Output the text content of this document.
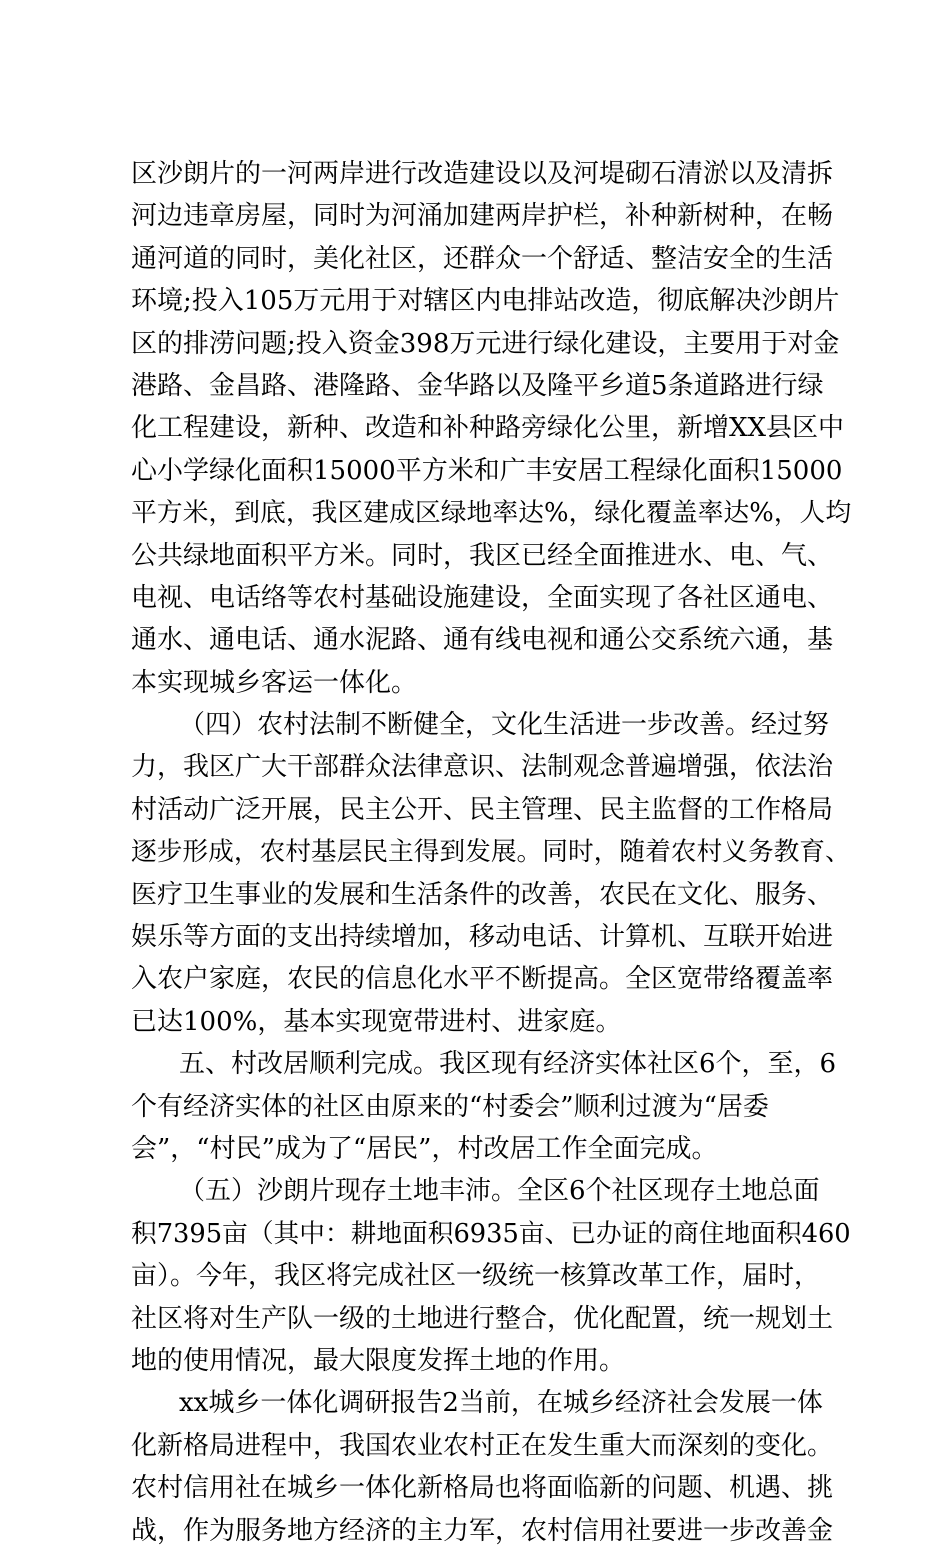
区沙朗片的一河两岸进行改造建设以及河堤砌石清淤以及清拆
河边违章房屋，同时为河涌加建两岸护栏，补种新树种，在畅
通河道的同时，美化社区，还群众一个舒适、整洁安全的生活
环境;投入105万元用于对辖区内电排站改造，彻底解决沙朗片
区的排涝问题;投入资金398万元进行绿化建设，主要用于对金
港路、金昌路、港隆路、金华路以及隆平乡道5条道路进行绿
化工程建设，新种、改造和补种路旁绿化公里，新增XX县区中
心小学绿化面积15000平方米和广丰安居工程绿化面积15000
平方米，到底，我区建成区绿地率达%，绿化覆盖率达%，人均
公共绿地面积平方米。同时，我区已经全面推进水、电、气、
电视、电话络等农村基础设施建设，全面实现了各社区通电、
通水、通电话、通水泥路、通有线电视和通公交系统六通，基
本实现城乡客运一体化。
（四）农村法制不断健全，文化生活进一步改善。经过努
力，我区广大干部群众法律意识、法制观念普遍增强，依法治
村活动广泛开展，民主公开、民主管理、民主监督的工作格局
逐步形成，农村基层民主得到发展。同时，随着农村义务教育、
医疗卫生事业的发展和生活条件的改善，农民在文化、服务、
娱乐等方面的支出持续增加，移动电话、计算机、互联开始进
入农户家庭，农民的信息化水平不断提高。全区宽带络覆盖率
已达100%，基本实现宽带进村、进家庭。
五、村改居顺利完成。我区现有经济实体社区6个，至，6
个有经济实体的社区由原来的“村委会”顺利过渡为“居委
会”，“村民”成为了“居民”，村改居工作全面完成。
（五）沙朗片现存土地丰沛。全区6个社区现存土地总面
积7395亩（其中：耕地面积6935亩、已办证的商住地面积460
亩）。今年，我区将完成社区一级统一核算改革工作，届时，
社区将对生产队一级的土地进行整合，优化配置，统一规划土
地的使用情况，最大限度发挥土地的作用。
xx城乡一体化调研报告2当前，在城乡经济社会发展一体
化新格局进程中，我国农业农村正在发生重大而深刻的变化。
农村信用社在城乡一体化新格局也将面临新的问题、机遇、挑
战，作为服务地方经济的主力军，农村信用社要进一步改善金
